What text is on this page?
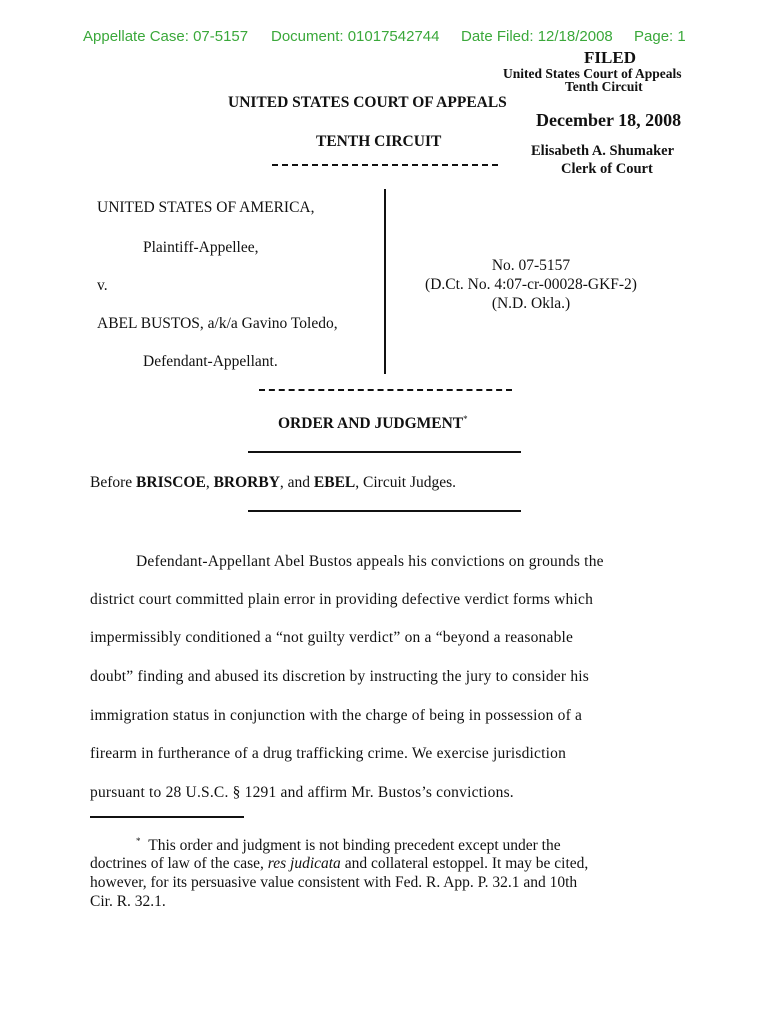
Appellate Case: 07-5157 Document: 01017542744 Date Filed: 12/18/2008 Page: 1
FILED
United States Court of Appeals
Tenth Circuit
December 18, 2008
Elisabeth A. Shumaker
Clerk of Court
UNITED STATES COURT OF APPEALS
TENTH CIRCUIT
UNITED STATES OF AMERICA,
Plaintiff-Appellee,
v.
ABEL BUSTOS, a/k/a Gavino Toledo,
Defendant-Appellant.
No. 07-5157
(D.Ct. No. 4:07-cr-00028-GKF-2)
(N.D. Okla.)
ORDER AND JUDGMENT*
Before BRISCOE, BRORBY, and EBEL, Circuit Judges.
Defendant-Appellant Abel Bustos appeals his convictions on grounds the
district court committed plain error in providing defective verdict forms which
impermissibly conditioned a “not guilty verdict” on a “beyond a reasonable
doubt” finding and abused its discretion by instructing the jury to consider his
immigration status in conjunction with the charge of being in possession of a
firearm in furtherance of a drug trafficking crime. We exercise jurisdiction
pursuant to 28 U.S.C. § 1291 and affirm Mr. Bustos’s convictions.
* This order and judgment is not binding precedent except under the
doctrines of law of the case, res judicata and collateral estoppel. It may be cited,
however, for its persuasive value consistent with Fed. R. App. P. 32.1 and 10th
Cir. R. 32.1.
